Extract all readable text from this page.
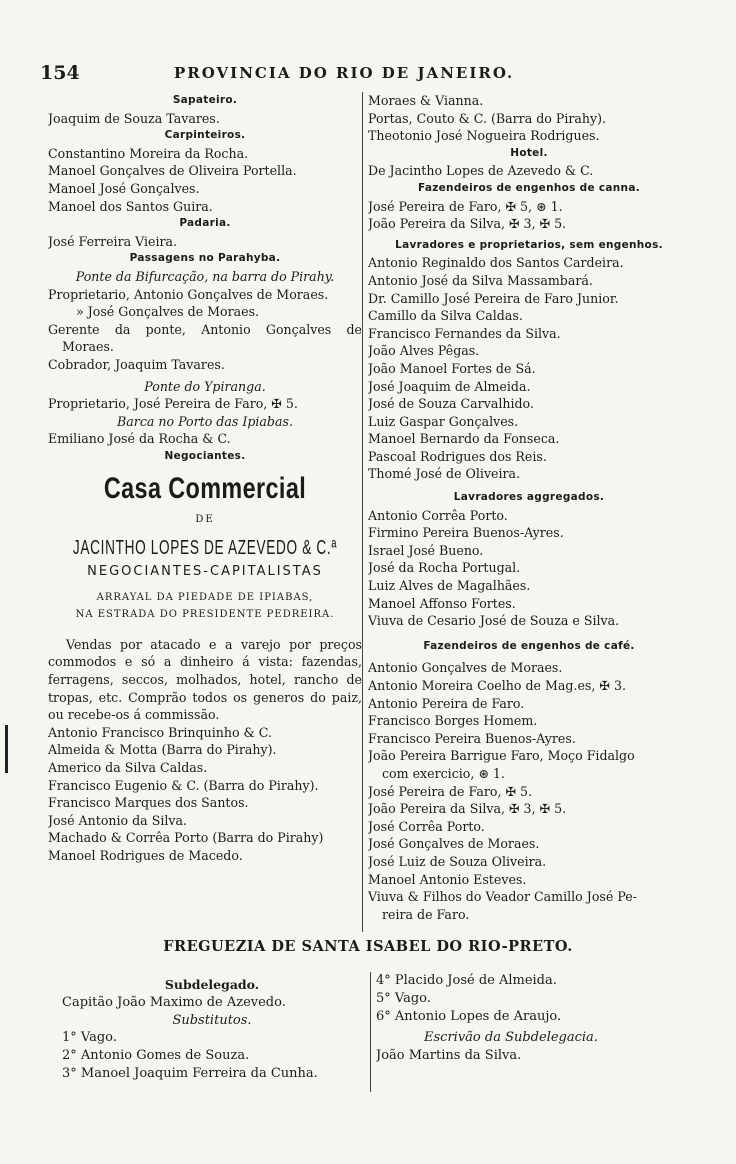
154	PROVINCIA DO RIO DE JANEIRO.
Sapateiro.
Joaquim de Souza Tavares.
Carpinteiros.
Constantino Moreira da Rocha.
Manoel Gonçalves de Oliveira Portella.
Manoel José Gonçalves.
Manoel dos Santos Guira.
Padaria.
José Ferreira Vieira.
Passagens no Parahyba.
Ponte da Bifurcação, na barra do Pirahy.
Proprietario, Antonio Gonçalves de Moraes.
» José Gonçalves de Moraes.
Gerente da ponte, Antonio Gonçalves de
Moraes.
Cobrador, Joaquim Tavares.
Ponte do Ypiranga.
Proprietario, José Pereira de Faro, ✠ 5.
Barca no Porto das Ipiabas.
Emiliano José da Rocha & C.
Negociantes.
Casa Commercial
DE
JACINTHO LOPES DE AZEVEDO & C.ª
NEGOCIANTES-CAPITALISTAS
ARRAYAL DA PIEDADE DE IPIABAS,
NA ESTRADA DO PRESIDENTE PEDREIRA.
Vendas por atacado e a varejo por preços commodos e só a dinheiro á vista: fazendas, ferragens, seccos, molhados, hotel, rancho de tropas, etc. Comprão todos os generos do paiz, ou recebe-os á commissão.
Antonio Francisco Brinquinho & C.
Almeida & Motta (Barra do Pirahy).
Americo da Silva Caldas.
Francisco Eugenio & C. (Barra do Pirahy).
Francisco Marques dos Santos.
José Antonio da Silva.
Machado & Corrêa Porto (Barra do Pirahy)
Manoel Rodrigues de Macedo.
Moraes & Vianna.
Portas, Couto & C. (Barra do Pirahy).
Theotonio José Nogueira Rodrigues.
Hotel.
De Jacintho Lopes de Azevedo & C.
Fazendeiros de engenhos de canna.
José Pereira de Faro, ✠ 5, ⊛ 1.
João Pereira da Silva, ✠ 3, ✠ 5.
Lavradores e proprietarios, sem engenhos.
Antonio Reginaldo dos Santos Cardeira.
Antonio José da Silva Massambará.
Dr. Camillo José Pereira de Faro Junior.
Camillo da Silva Caldas.
Francisco Fernandes da Silva.
João Alves Pêgas.
João Manoel Fortes de Sá.
José Joaquim de Almeida.
José de Souza Carvalhido.
Luiz Gaspar Gonçalves.
Manoel Bernardo da Fonseca.
Pascoal Rodrigues dos Reis.
Thomé José de Oliveira.
Lavradores aggregados.
Antonio Corrêa Porto.
Firmino Pereira Buenos-Ayres.
Israel José Bueno.
José da Rocha Portugal.
Luiz Alves de Magalhães.
Manoel Affonso Fortes.
Viuva de Cesario José de Souza e Silva.
Fazendeiros de engenhos de café.
Antonio Gonçalves de Moraes.
Antonio Moreira Coelho de Mag.es, ✠ 3.
Antonio Pereira de Faro.
Francisco Borges Homem.
Francisco Pereira Buenos-Ayres.
João Pereira Barrigue Faro, Moço Fidalgo
com exercicio, ⊛ 1.
José Pereira de Faro, ✠ 5.
João Pereira da Silva, ✠ 3, ✠ 5.
José Corrêa Porto.
José Gonçalves de Moraes.
José Luiz de Souza Oliveira.
Manoel Antonio Esteves.
Viuva & Filhos do Veador Camillo José Pe-
reira de Faro.
FREGUEZIA DE SANTA ISABEL DO RIO-PRETO.
Subdelegado.
Capitão João Maximo de Azevedo.
Substitutos.
1° Vago.
2° Antonio Gomes de Souza.
3° Manoel Joaquim Ferreira da Cunha.
4° Placido José de Almeida.
5° Vago.
6° Antonio Lopes de Araujo.
Escrivão da Subdelegacia.
João Martins da Silva.
